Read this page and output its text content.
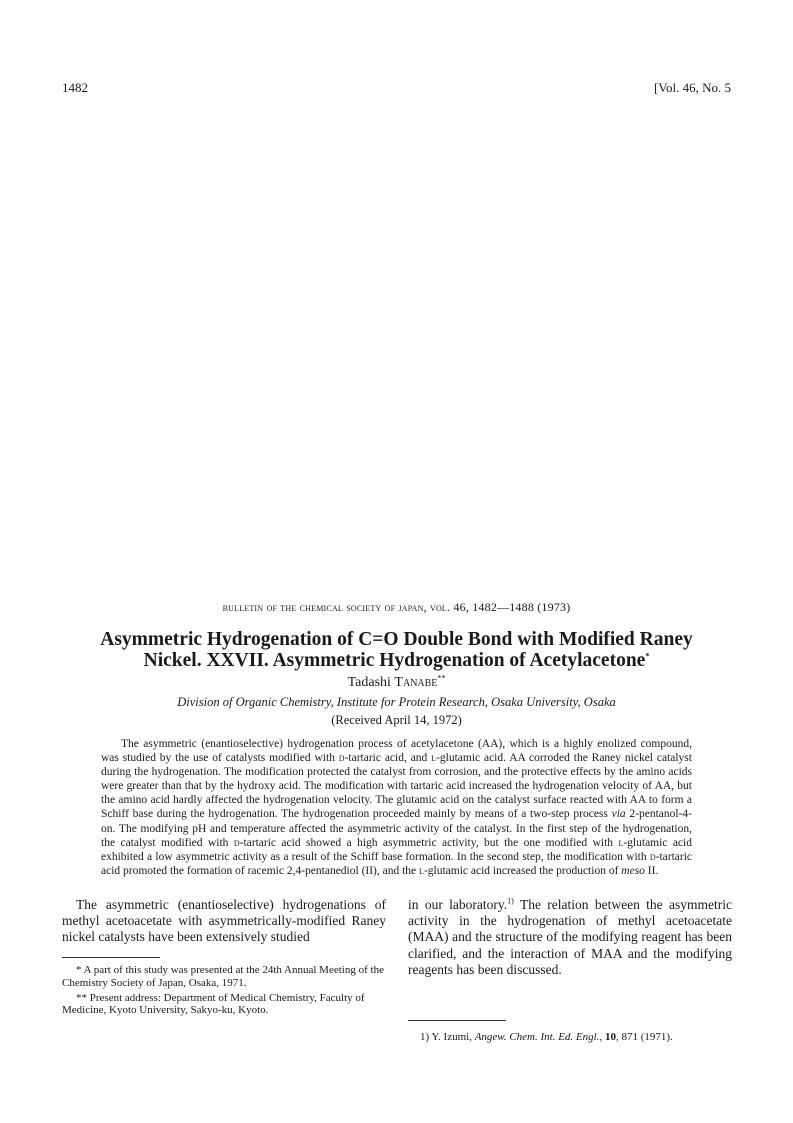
1482	[Vol. 46, No. 5
bulletin of the chemical society of japan, vol. 46, 1482—1488 (1973)
Asymmetric Hydrogenation of C=O Double Bond with Modified Raney
Nickel. XXVII. Asymmetric Hydrogenation of Acetylacetone*
Tadashi Tanabe**
Division of Organic Chemistry, Institute for Protein Research, Osaka University, Osaka
(Received April 14, 1972)
The asymmetric (enantioselective) hydrogenation process of acetylacetone (AA), which is a highly enolized compound, was studied by the use of catalysts modified with d-tartaric acid, and l-glutamic acid. AA corroded the Raney nickel catalyst during the hydrogenation. The modification protected the catalyst from corrosion, and the protective effects by the amino acids were greater than that by the hydroxy acid. The modification with tartaric acid increased the hydrogenation velocity of AA, but the amino acid hardly affected the hydrogenation velocity. The glutamic acid on the catalyst surface reacted with AA to form a Schiff base during the hydrogenation. The hydrogenation proceeded mainly by means of a two-step process via 2-pentanol-4-on. The modifying pH and temperature affected the asymmetric activity of the catalyst. In the first step of the hydrogenation, the catalyst modified with d-tartaric acid showed a high asymmetric activity, but the one modified with l-glutamic acid exhibited a low asymmetric activity as a result of the Schiff base formation. In the second step, the modification with d-tartaric acid promoted the formation of racemic 2,4-pentanediol (II), and the l-glutamic acid increased the production of meso II.
The asymmetric (enantioselective) hydrogenations of methyl acetoacetate with asymmetrically-modified Raney nickel catalysts have been extensively studied
in our laboratory.$^{1)}$ The relation between the asymmetric activity in the hydrogenation of methyl acetoacetate (MAA) and the structure of the modifying reagent has been clarified, and the interaction of MAA and the modifying reagents has been discussed.

* A part of this study was presented at the 24th Annual Meeting of the Chemistry Society of Japan, Osaka, 1971.

** Present address: Department of Medical Chemistry, Faculty of Medicine, Kyoto University, Sakyo-ku, Kyoto.

1) Y. Izumi, Angew. Chem. Int. Ed. Engl., 10, 871 (1971).
